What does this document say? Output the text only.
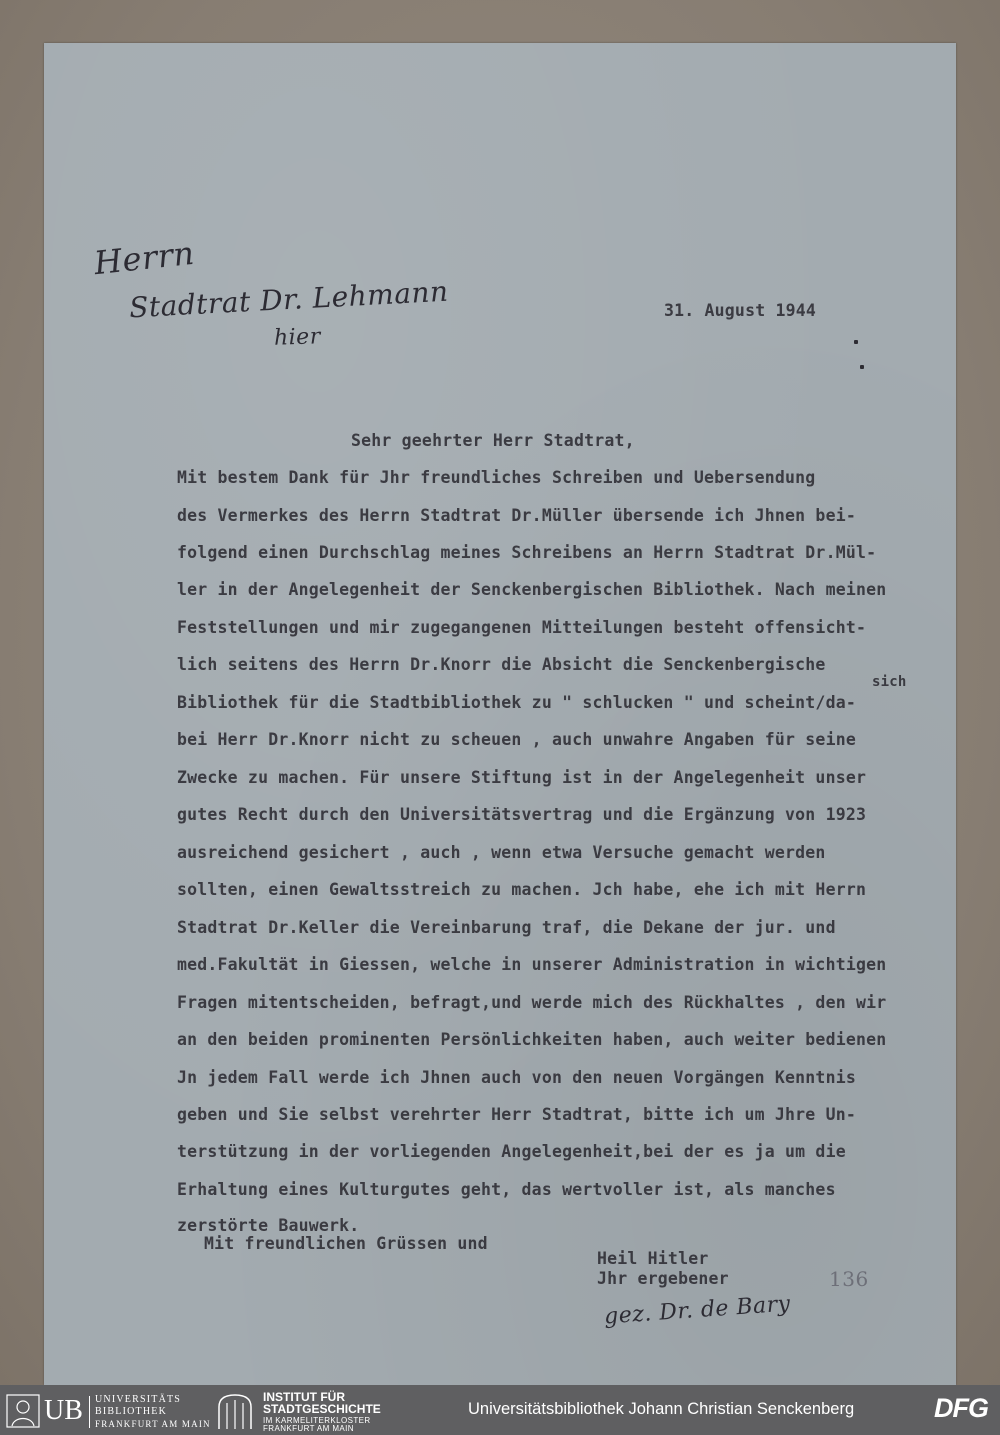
Herrn
Stadtrat Dr. Lehmann
hier
31. August 1944
Sehr geehrter Herr Stadtrat,
Mit bestem Dank für Jhr freundliches Schreiben und Uebersendung
des Vermerkes des Herrn Stadtrat Dr.Müller übersende ich Jhnen bei-
folgend einen Durchschlag meines Schreibens an Herrn Stadtrat Dr.Mül-
ler in der Angelegenheit der Senckenbergischen Bibliothek. Nach meinen
Feststellungen und mir zugegangenen Mitteilungen besteht offensicht-
lich seitens des Herrn Dr.Knorr die Absicht die Senckenbergische
sich
Bibliothek für die Stadtbibliothek zu " schlucken " und scheint/da-
bei Herr Dr.Knorr nicht zu scheuen , auch unwahre Angaben für seine
Zwecke zu machen. Für unsere Stiftung ist in der Angelegenheit unser
gutes Recht durch den Universitätsvertrag und die Ergänzung von 1923
ausreichend gesichert , auch , wenn etwa Versuche gemacht werden
sollten, einen Gewaltsstreich zu machen. Jch habe, ehe ich mit Herrn
Stadtrat Dr.Keller die Vereinbarung traf, die Dekane der jur. und
med.Fakultät in Giessen, welche in unserer Administration in wichtigen
Fragen mitentscheiden, befragt,und werde mich des Rückhaltes , den wir
an den beiden prominenten Persönlichkeiten haben, auch weiter bedienen
Jn jedem Fall werde ich Jhnen auch von den neuen Vorgängen Kenntnis
geben und Sie selbst verehrter Herr Stadtrat, bitte ich um Jhre Un-
terstützung in der vorliegenden Angelegenheit,bei der es ja um die
Erhaltung eines Kulturgutes geht, das wertvoller ist, als manches
zerstörte Bauwerk.
Mit freundlichen Grüssen und
Heil Hitler
Jhr ergebener	136
gez. Dr. de Bary
UB UNIVERSITÄTS
BIBLIOTHEK
FRANKFURT AM MAIN
INSTITUT FÜR
STADTGESCHICHTE
IM KARMELITERKLOSTER
FRANKFURT AM MAIN
Universitätsbibliothek Johann Christian Senckenberg	DFG
